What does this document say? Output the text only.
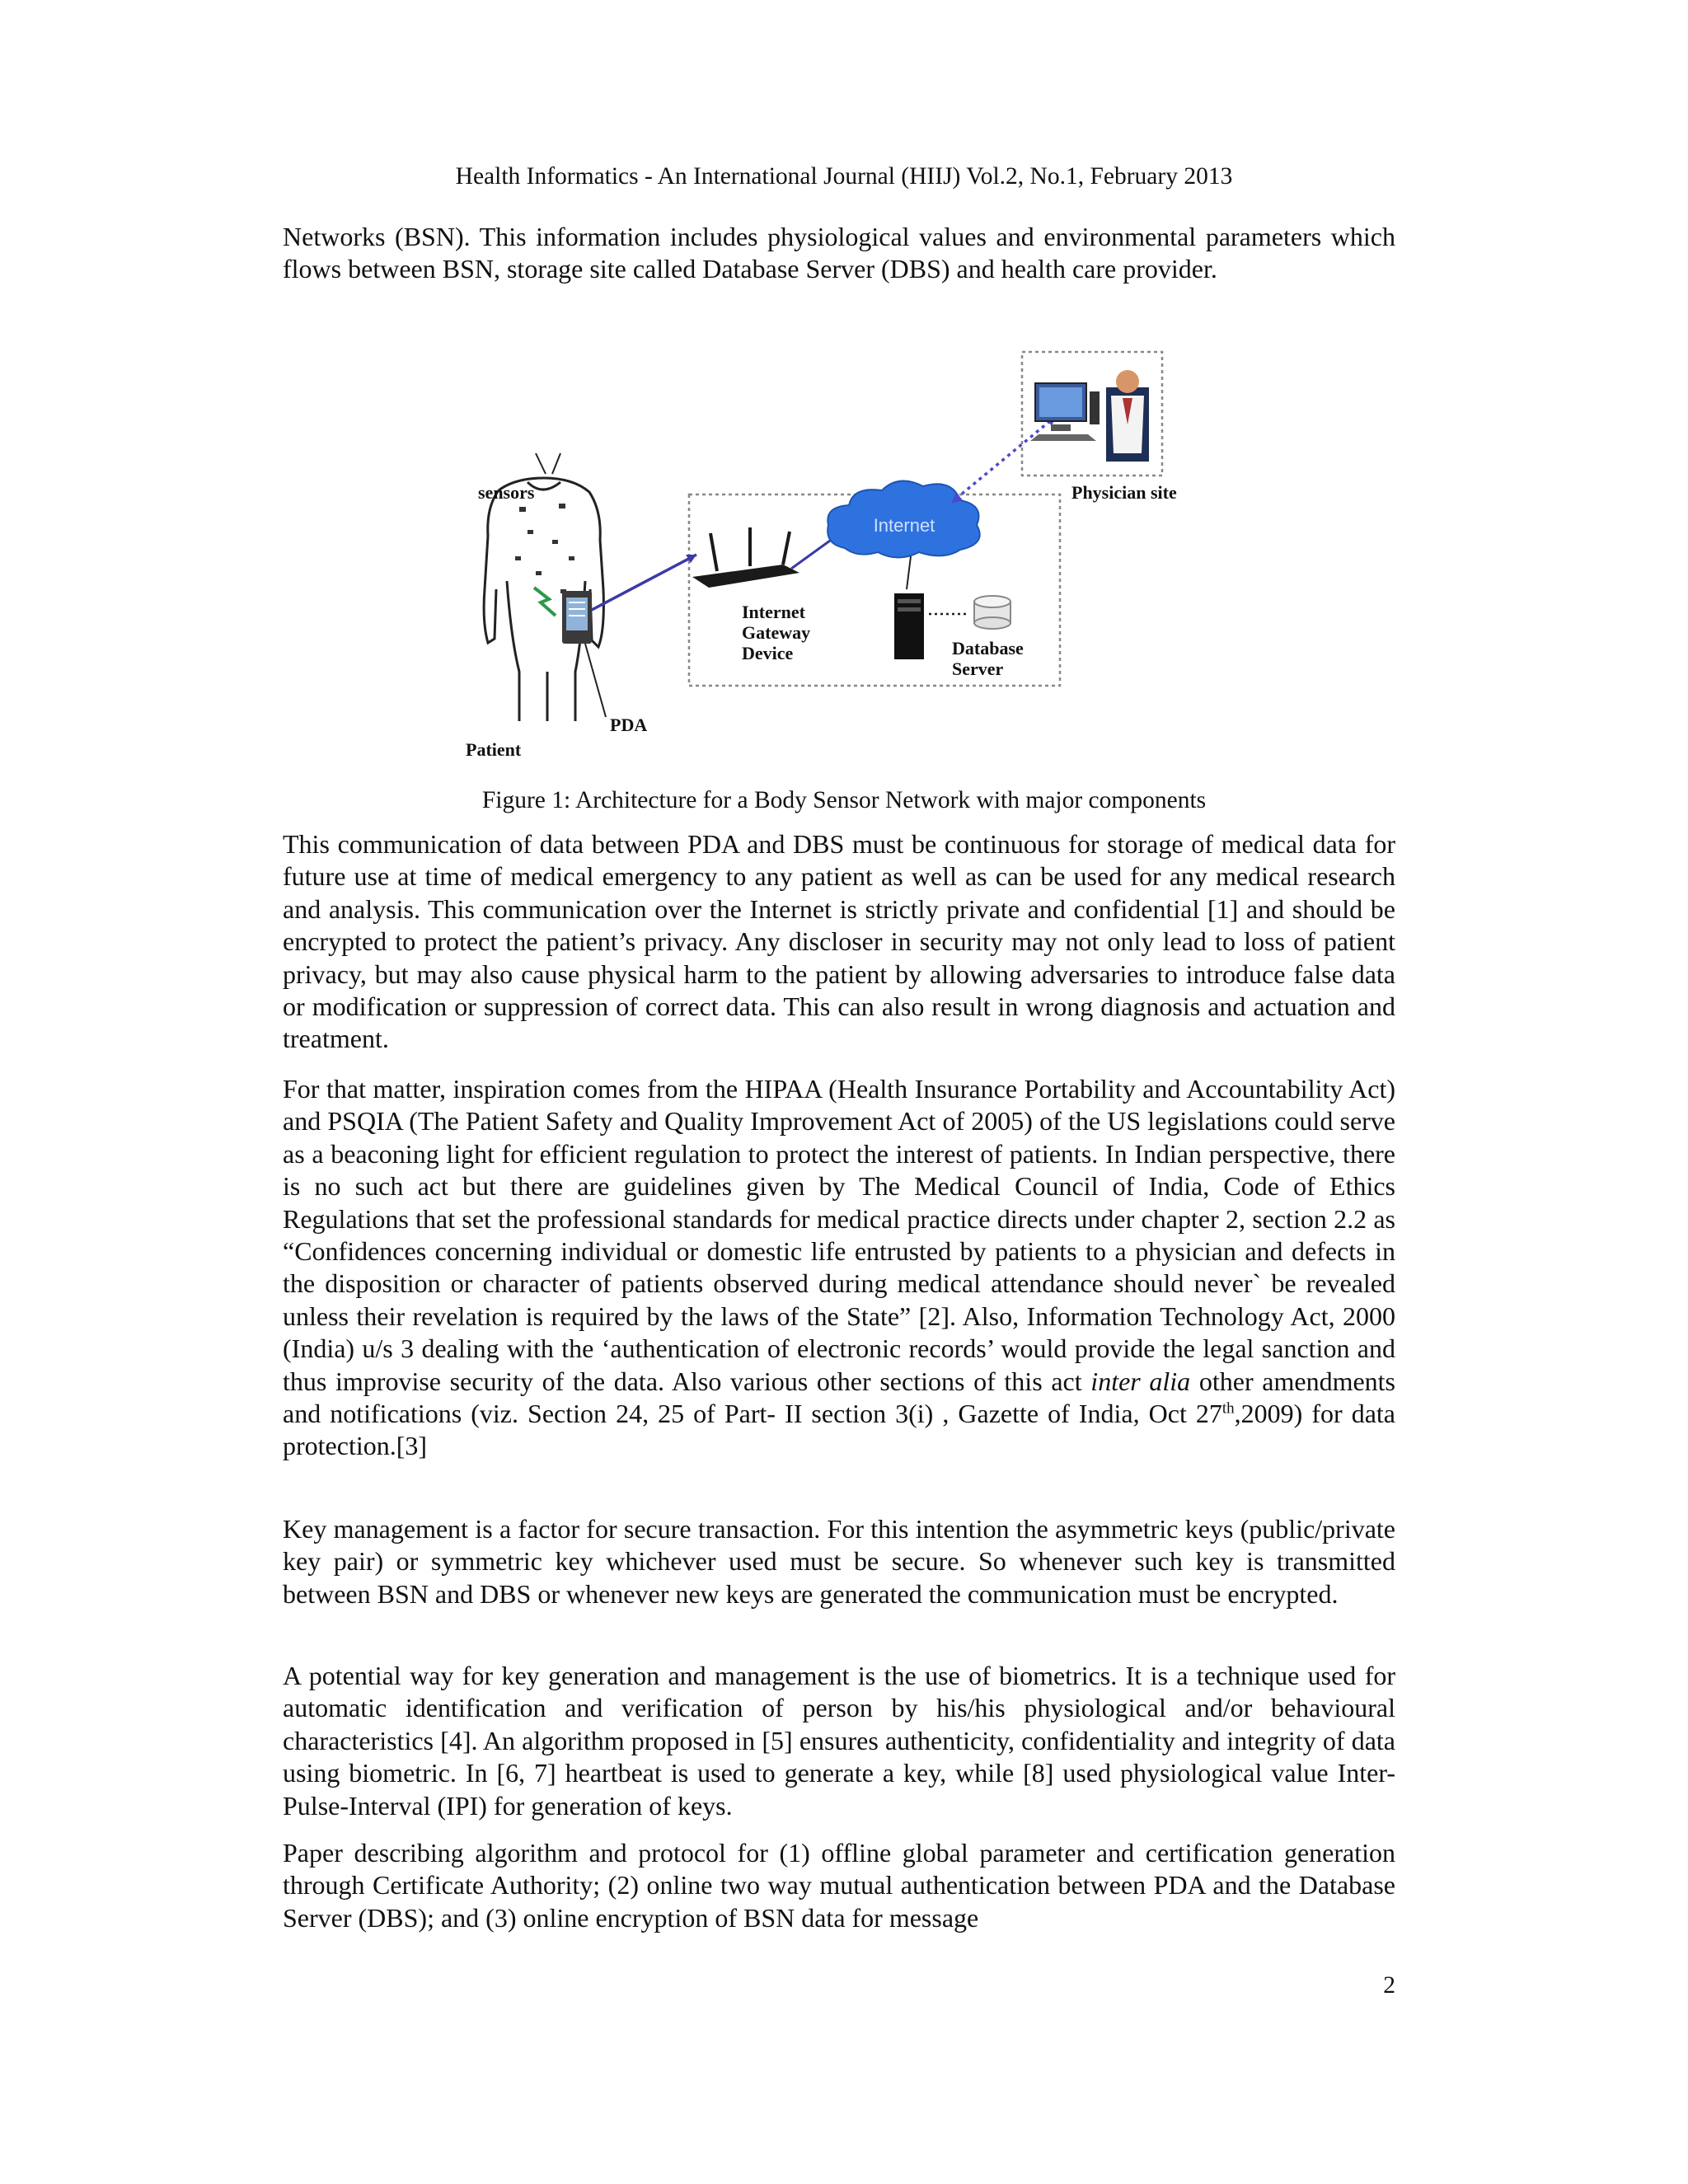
Health Informatics - An International Journal (HIIJ) Vol.2, No.1, February 2013

Networks (BSN). This information includes physiological values and environmental parameters which flows between BSN, storage site called Database Server (DBS) and health care provider.

Internet
sensors
Patient
PDA
Internet
Gateway
Device	Database
Server
Physician site
Figure 1: Architecture for a Body Sensor Network with major components

This communication of data between PDA and DBS must be continuous for storage of medical data for future use at time of medical emergency to any patient as well as can be used for any medical research and analysis. This communication over the Internet is strictly private and confidential [1] and should be encrypted to protect the patient’s privacy. Any discloser in security may not only lead to loss of patient privacy, but may also cause physical harm to the patient by allowing adversaries to introduce false data or modification or suppression of correct data. This can also result in wrong diagnosis and actuation and treatment.

For that matter, inspiration comes from the HIPAA (Health Insurance Portability and Accountability Act) and PSQIA (The Patient Safety and Quality Improvement Act of 2005) of the US legislations could serve as a beaconing light for efficient regulation to protect the interest of patients. In Indian perspective, there is no such act but there are guidelines given by The Medical Council of India, Code of Ethics Regulations that set the professional standards for medical practice directs under chapter 2, section 2.2 as “Confidences concerning individual or domestic life entrusted by patients to a physician and defects in the disposition or character of patients observed during medical attendance should never` be revealed unless their revelation is required by the laws of the State” [2]. Also, Information Technology Act, 2000 (India) u/s 3 dealing with the ‘authentication of electronic records’ would provide the legal sanction and thus improvise security of the data. Also various other sections of this act inter alia other amendments and notifications (viz. Section 24, 25 of Part- II section 3(i) , Gazette of India, Oct 27th,2009) for data protection.[3]

Key management is a factor for secure transaction. For this intention the asymmetric keys (public/private key pair) or symmetric key whichever used must be secure. So whenever such key is transmitted between BSN and DBS or whenever new keys are generated the communication must be encrypted.

A potential way for key generation and management is the use of biometrics. It is a technique used for automatic identification and verification of person by his/his physiological and/or behavioural characteristics [4]. An algorithm proposed in [5] ensures authenticity, confidentiality and integrity of data using biometric. In [6, 7] heartbeat is used to generate a key, while [8] used physiological value Inter-Pulse-Interval (IPI) for generation of keys.

Paper describing algorithm and protocol for (1) offline global parameter and certification generation through Certificate Authority; (2) online two way mutual authentication between PDA and the Database Server (DBS); and (3) online encryption of BSN data for message

2
